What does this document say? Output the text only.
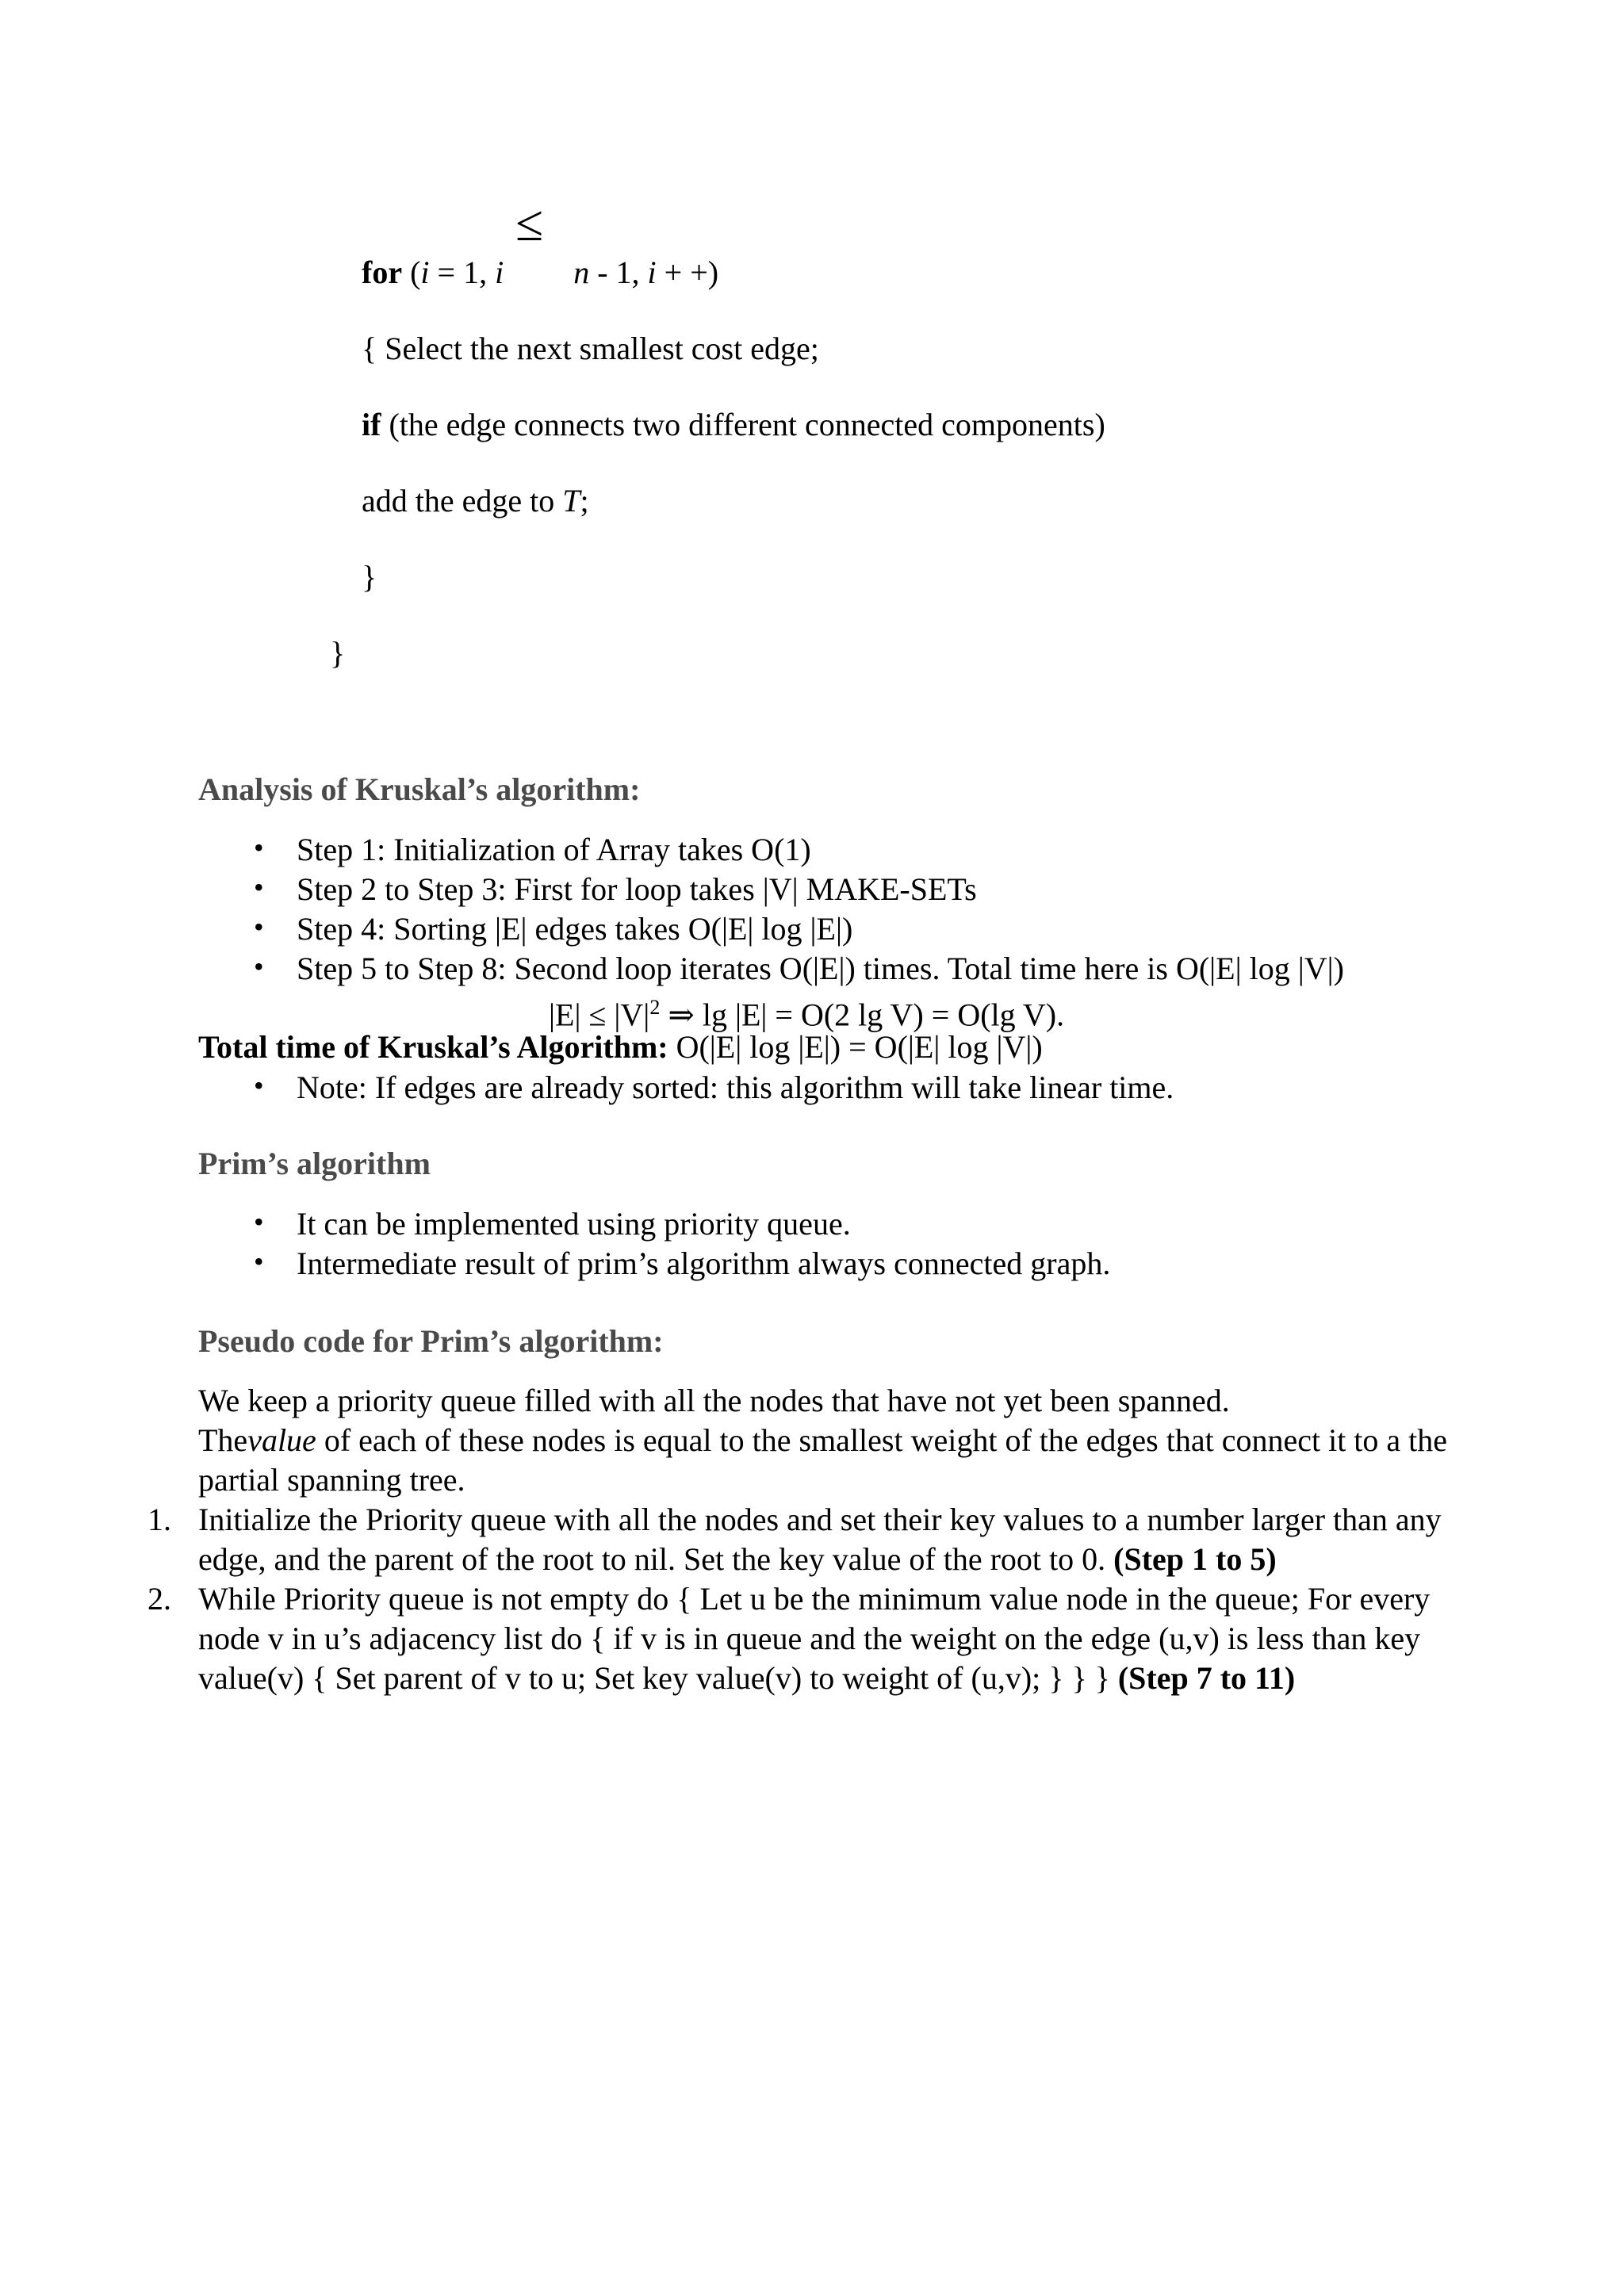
≤
for (i = 1, i n - 1, i + +)
{ Select the next smallest cost edge;
if (the edge connects two different connected components)
add the edge to T;
}
}
Analysis of Kruskal’s algorithm:
• Step 1: Initialization of Array takes O(1)
• Step 2 to Step 3: First for loop takes |V| MAKE-SETs
• Step 4: Sorting |E| edges takes O(|E| log |E|)
• Step 5 to Step 8: Second loop iterates O(|E|) times. Total time here is O(|E| log |V|)
$|E| \le |V|^2$ ⇒ lg |E| = O(2 lg V) = O(lg V).
Total time of Kruskal’s Algorithm: O(|E| log |E|) = O(|E| log |V|)
• Note: If edges are already sorted: this algorithm will take linear time.
Prim’s algorithm
• It can be implemented using priority queue.
• Intermediate result of prim’s algorithm always connected graph.
Pseudo code for Prim’s algorithm:
We keep a priority queue filled with all the nodes that have not yet been spanned.
Thevalue of each of these nodes is equal to the smallest weight of the edges that connect it to a the partial spanning tree.
1. Initialize the Priority queue with all the nodes and set their key values to a number larger than any edge, and the parent of the root to nil. Set the key value of the root to 0. (Step 1 to 5)
2. While Priority queue is not empty do { Let u be the minimum value node in the queue; For every node v in u’s adjacency list do { if v is in queue and the weight on the edge (u,v) is less than key value(v) { Set parent of v to u; Set key value(v) to weight of (u,v); } } } (Step 7 to 11)
